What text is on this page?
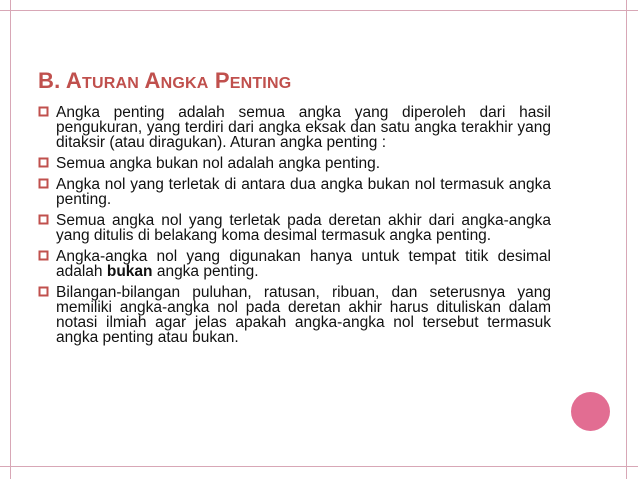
B. ATURAN ANGKA PENTING
Angka penting adalah semua angka yang diperoleh dari hasil pengukuran, yang terdiri dari angka eksak dan satu angka terakhir yang ditaksir (atau diragukan). Aturan angka penting :
Semua angka bukan nol adalah angka penting.
Angka nol yang terletak di antara dua angka bukan nol termasuk angka penting.
Semua angka nol yang terletak pada deretan akhir dari angka-angka yang ditulis di belakang koma desimal termasuk angka penting.
Angka-angka nol yang digunakan hanya untuk tempat titik desimal adalah bukan angka penting.
Bilangan-bilangan puluhan, ratusan, ribuan, dan seterusnya yang memiliki angka-angka nol pada deretan akhir harus dituliskan dalam notasi ilmiah agar jelas apakah angka-angka nol tersebut termasuk angka penting atau bukan.
